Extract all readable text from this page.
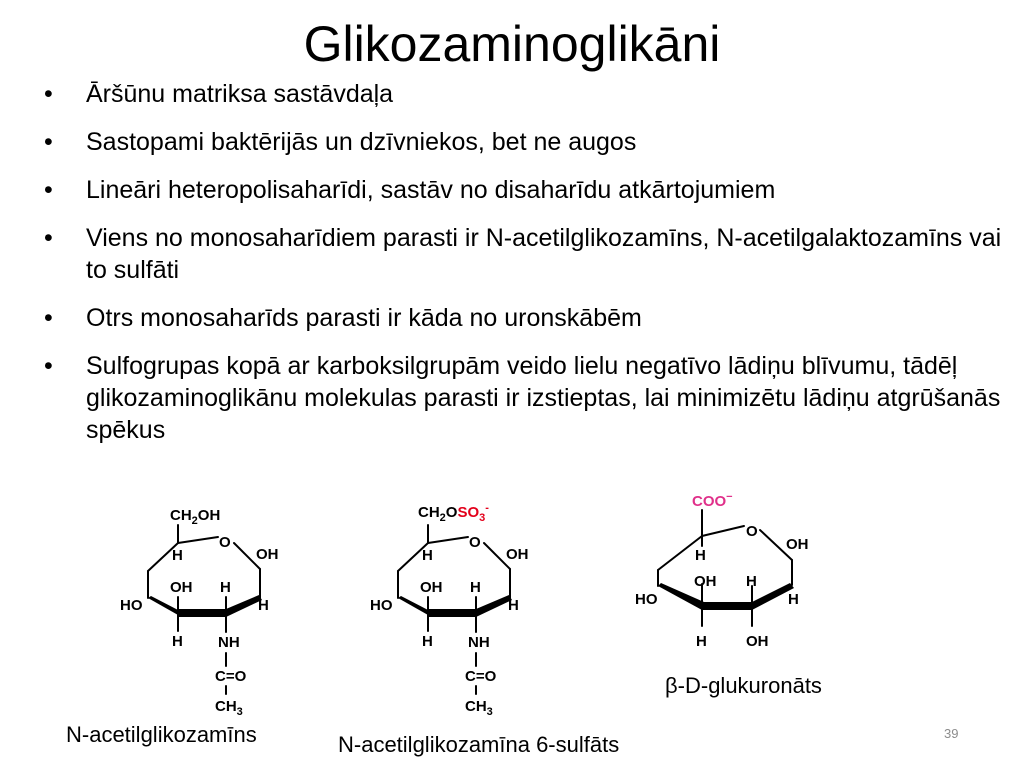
Glikozaminoglikāni
• Āršūnu matriksa sastāvdaļa
• Sastopami baktērijās un dzīvniekos, bet ne augos
• Lineāri heteropolisaharīdi, sastāv no disaharīdu atkārtojumiem
• Viens no monosaharīdiem parasti ir N-acetilglikozamīns, N-acetilgalaktozamīns vai to sulfāti
• Otrs monosaharīds parasti ir kāda no uronskābēm
• Sulfogrupas kopā ar karboksilgrupām veido lielu negatīvo lādiņu blīvumu, tādēļ glikozaminoglikānu molekulas parasti ir izstieptas, lai minimizētu lādiņu atgrūšanās spēkus
$CH_2OH$
O
OH
H
OH H
HO	H
H NH
C=O
$CH_3$
$CH_2OSO_3^-$
O
OH
H
OH H
HO	H
H NH
C=O
$CH_3$
COO−
O
OH
H
OH H
HO	H
H	OH
N-acetilglikozamīns	N-acetilglikozamīna 6-sulfāts
β-D-glukuronāts
39
